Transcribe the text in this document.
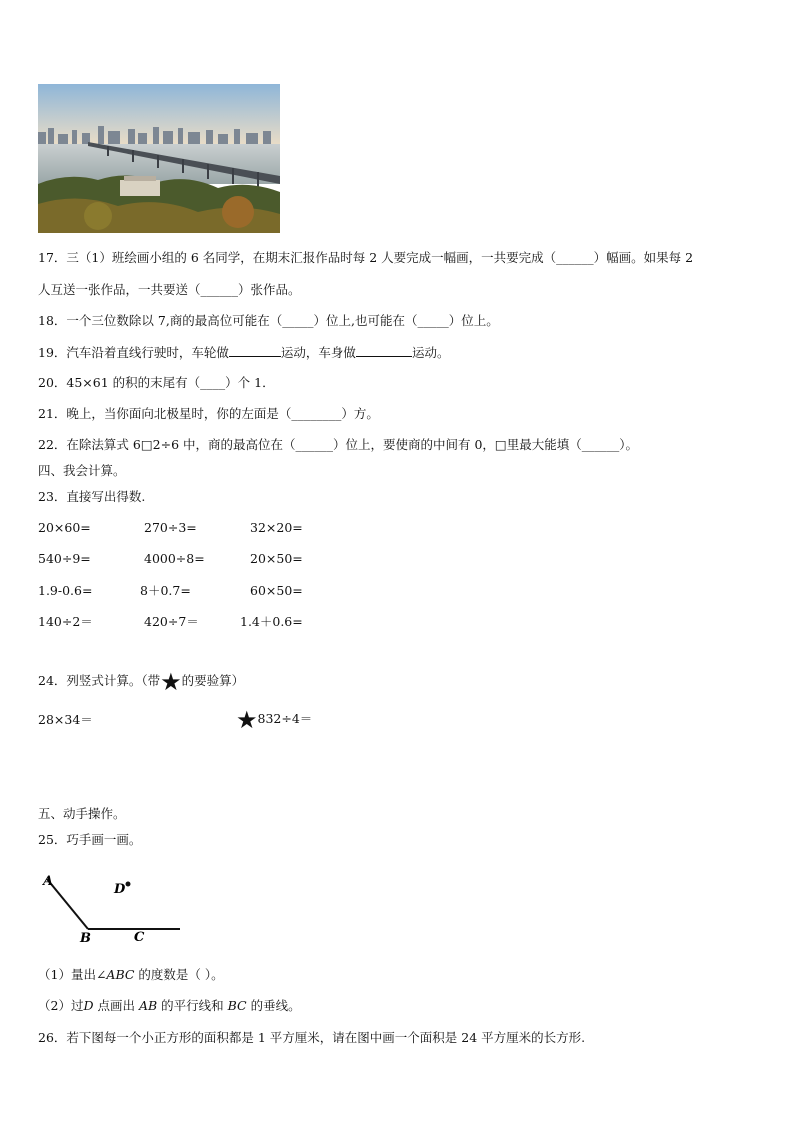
17．三（1）班绘画小组的 6 名同学，在期末汇报作品时每 2 人要完成一幅画，一共要完成（______）幅画。如果每 2
人互送一张作品，一共要送（______）张作品。
18．一个三位数除以 7,商的最高位可能在（_____）位上,也可能在（_____）位上。
19．汽车沿着直线行驶时，车轮做	运动，车身做	运动。
20．45×61 的积的末尾有（____）个 1．
21．晚上，当你面向北极星时，你的左面是（________）方。
22．在除法算式 6□2÷6 中，商的最高位在（______）位上，要使商的中间有 0，□里最大能填（______）。
四、我会计算。
23．直接写出得数.
20×60=	270÷3=	32×20=
540÷9=	4000÷8=	20×50=
1.9-0.6=	8＋0.7=	60×50=
140÷2＝	420÷7＝	1.4＋0.6=
24．列竖式计算。（带★的要验算）
28×34＝	★832÷4＝
五、动手操作。
25．巧手画一画。
A
B	C
D
（1）量出∠ABC 的度数是（ ）。
（2）过D 点画出 AB 的平行线和 BC 的垂线。
26．若下图每一个小正方形的面积都是 1 平方厘米，请在图中画一个面积是 24 平方厘米的长方形.
